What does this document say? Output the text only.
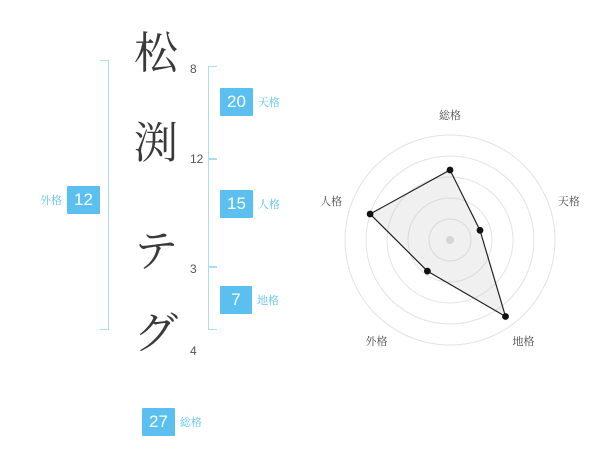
外格 12
松	8
渕	12
テ	3
グ	4
20	天格
15	人格
7	地格
27	総格
総格
天格
地格
外格
人格
